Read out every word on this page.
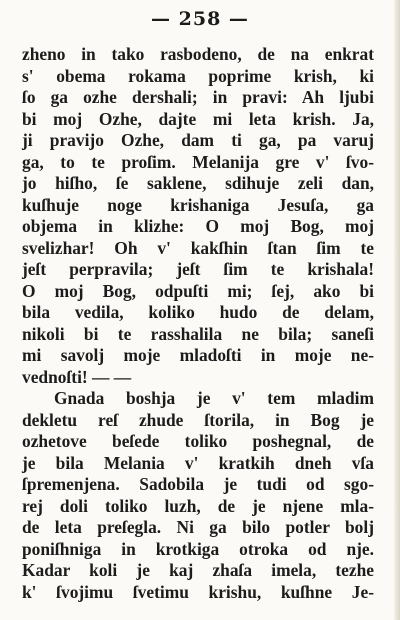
— 258 —
zheno in tako rasbodeno, de na enkrat
s' obema rokama poprime krish, ki
ſo ga ozhe dershali; in pravi: Ah ljubi
bi moj Ozhe, dajte mi leta krish. Ja,
ji pravijo Ozhe, dam ti ga, pa varuj
ga, to te proſim. Melanija gre v' ſvo-
jo hiſho, ſe saklene, sdihuje zeli dan,
kuſhuje noge krishaniga Jesuſa, ga
objema in klizhe: O moj Bog, moj
svelizhar! Oh v' kakſhin ſtan ſim te
jeſt perpravila; jeſt ſim te krishala!
O moj Bog, odpuſti mi; ſej, ako bi
bila vedila, koliko hudo de delam,
nikoli bi te rasshalila ne bila; saneſi
mi savolj moje mladoſti in moje ne-
vednoſti! — —
Gnada boshja je v' tem mladim
dekletu reſ zhude ſtorila, in Bog je
ozhetove beſede toliko poshegnal, de
je bila Melania v' kratkih dneh vſa
ſpremenjena. Sadobila je tudi od sgo-
rej doli toliko luzh, de je njene mla-
de leta preſegla. Ni ga bilo potler bolj
poniſhniga in krotkiga otroka od nje.
Kadar koli je kaj zhaſa imela, tezhe
k' ſvojimu ſvetimu krishu, kuſhne Je-
